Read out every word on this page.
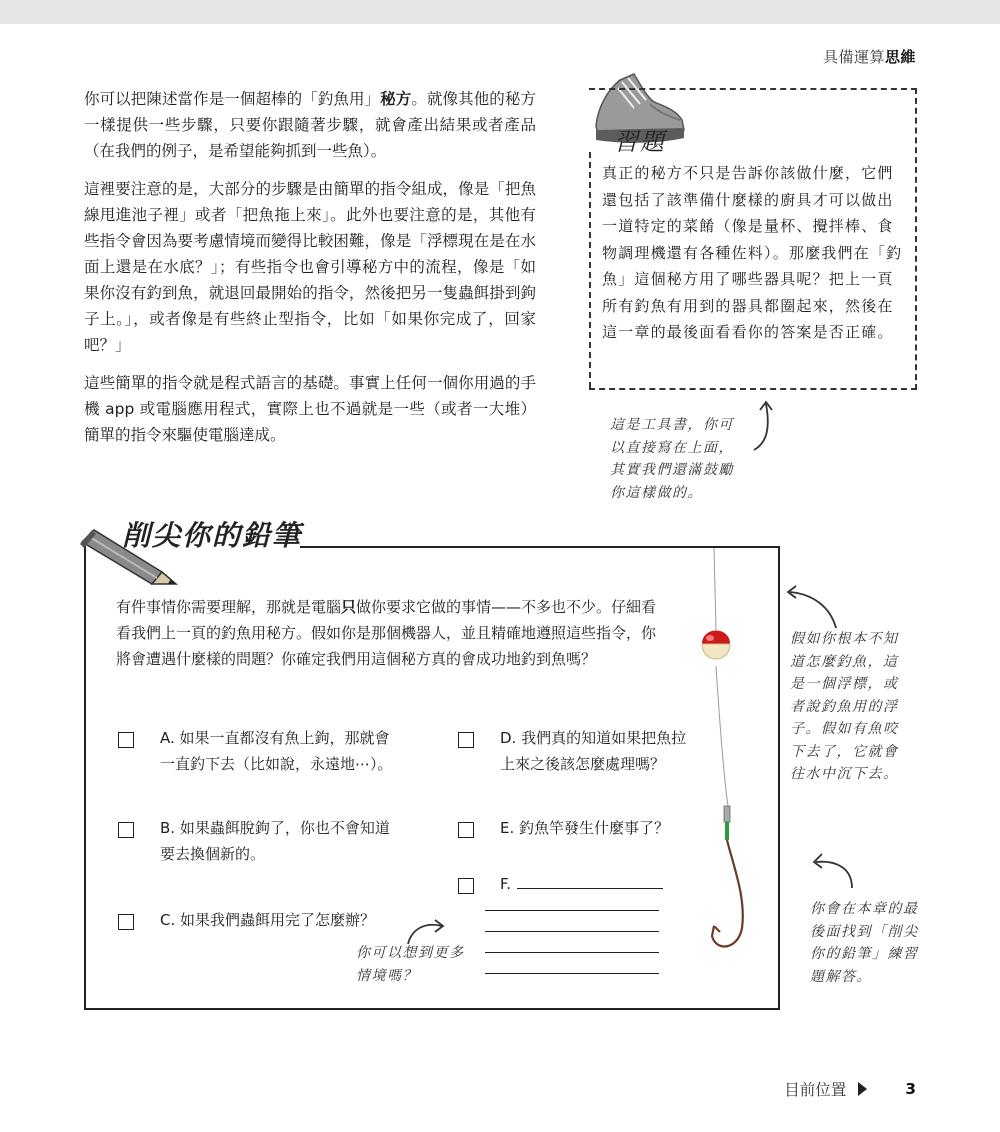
具備運算思維

你可以把陳述當作是一個超棒的「釣魚用」秘方。就像其他的秘方一樣提供一些步驟，只要你跟隨著步驟，就會產出結果或者產品（在我們的例子，是希望能夠抓到一些魚）。

這裡要注意的是，大部分的步驟是由簡單的指令組成，像是「把魚線甩進池子裡」或者「把魚拖上來」。此外也要注意的是，其他有些指令會因為要考慮情境而變得比較困難，像是「浮標現在是在水面上還是在水底？」；有些指令也會引導秘方中的流程，像是「如果你沒有釣到魚，就退回最開始的指令，然後把另一隻蟲餌掛到鉤子上。」，或者像是有些終止型指令，比如「如果你完成了，回家吧？」

這些簡單的指令就是程式語言的基礎。事實上任何一個你用過的手機 app 或電腦應用程式，實際上也不過就是一些（或者一大堆）簡單的指令來驅使電腦達成。

習題
真正的秘方不只是告訴你該做什麼，它們還包括了該準備什麼樣的廚具才可以做出一道特定的菜餚（像是量杯、攪拌棒、食物調理機還有各種佐料）。那麼我們在「釣魚」這個秘方用了哪些器具呢？把上一頁所有釣魚有用到的器具都圈起來，然後在這一章的最後面看看你的答案是否正確。
這是工具書，你可
以直接寫在上面，
其實我們還滿鼓勵
你這樣做的。
削尖你的鉛筆
有件事情你需要理解，那就是電腦只做你要求它做的事情——不多也不少。仔細看看我們上一頁的釣魚用秘方。假如你是那個機器人，並且精確地遵照這些指令，你將會遭遇什麼樣的問題？你確定我們用這個秘方真的會成功地釣到魚嗎？
A. 如果一直都沒有魚上鉤，那就會一直釣下去（比如說，永遠地⋯）。
B. 如果蟲餌脫鉤了，你也不會知道要去換個新的。
C. 如果我們蟲餌用完了怎麼辦？
D. 我們真的知道如果把魚拉上來之後該怎麼處理嗎？
E. 釣魚竿發生什麼事了？
F.
你可以想到更多
情境嗎？
假如你根本不知
道怎麼釣魚，這
是一個浮標，或
者說釣魚用的浮
子。假如有魚咬
下去了，它就會
往水中沉下去。
你會在本章的最
後面找到「削尖
你的鉛筆」練習
題解答。
目前位置	3
